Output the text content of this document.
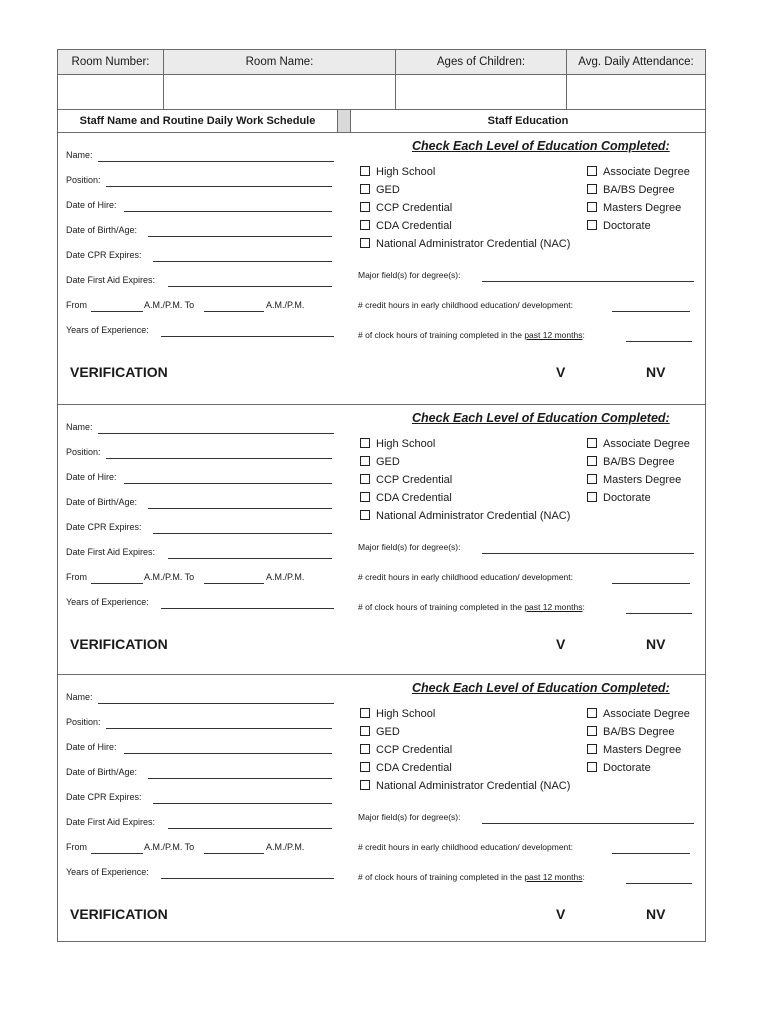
Room Number:	Room Name:	Ages of Children:	Avg. Daily Attendance:
Staff Name and Routine Daily Work Schedule	Staff Education
Name:
Position:
Date of Hire:
Date of Birth/Age:
Date CPR Expires:
Date First Aid Expires:
From	A.M./P.M. To	A.M./P.M.
Years of Experience:
Check Each Level of Education Completed:
High School
GED
CCP Credential
CDA Credential
National Administrator Credential (NAC)
Associate Degree
BA/BS Degree
Masters Degree
Doctorate
Major field(s) for degree(s):
# credit hours in early childhood education/ development:
# of clock hours of training completed in the past 12 months:
VERIFICATION	V	NV
Name:
Position:
Date of Hire:
Date of Birth/Age:
Date CPR Expires:
Date First Aid Expires:
From	A.M./P.M. To	A.M./P.M.
Years of Experience:
Check Each Level of Education Completed:
High School
GED
CCP Credential
CDA Credential
National Administrator Credential (NAC)
Associate Degree
BA/BS Degree
Masters Degree
Doctorate
Major field(s) for degree(s):
# credit hours in early childhood education/ development:
# of clock hours of training completed in the past 12 months:
VERIFICATION	V	NV
Name:
Position:
Date of Hire:
Date of Birth/Age:
Date CPR Expires:
Date First Aid Expires:
From	A.M./P.M. To	A.M./P.M.
Years of Experience:
Check Each Level of Education Completed:
High School
GED
CCP Credential
CDA Credential
National Administrator Credential (NAC)
Associate Degree
BA/BS Degree
Masters Degree
Doctorate
Major field(s) for degree(s):
# credit hours in early childhood education/ development:
# of clock hours of training completed in the past 12 months:
VERIFICATION	V	NV
